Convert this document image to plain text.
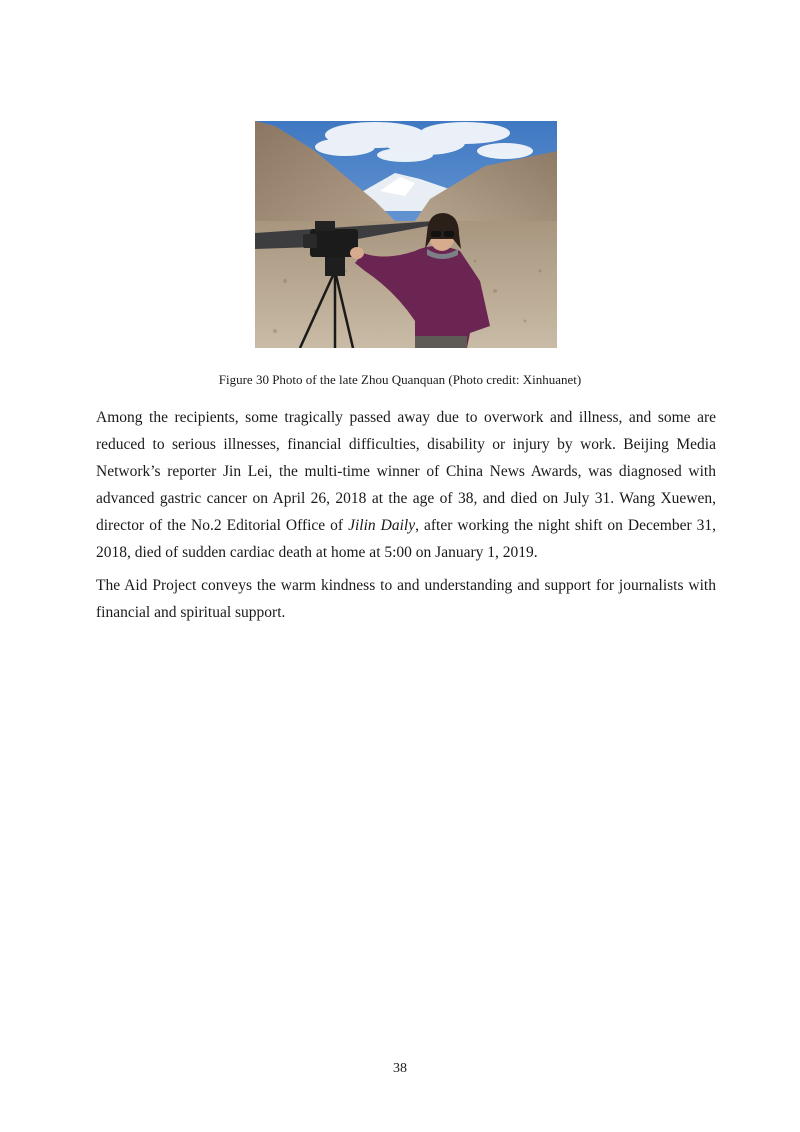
Figure 30 Photo of the late Zhou Quanquan (Photo credit: Xinhuanet)

Among the recipients, some tragically passed away due to overwork and illness, and some are reduced to serious illnesses, financial difficulties, disability or injury by work. Beijing Media Network’s reporter Jin Lei, the multi-time winner of China News Awards, was diagnosed with advanced gastric cancer on April 26, 2018 at the age of 38, and died on July 31. Wang Xuewen, director of the No.2 Editorial Office of Jilin Daily, after working the night shift on December 31, 2018, died of sudden cardiac death at home at 5:00 on January 1, 2019.

The Aid Project conveys the warm kindness to and understanding and support for journalists with financial and spiritual support.

38
